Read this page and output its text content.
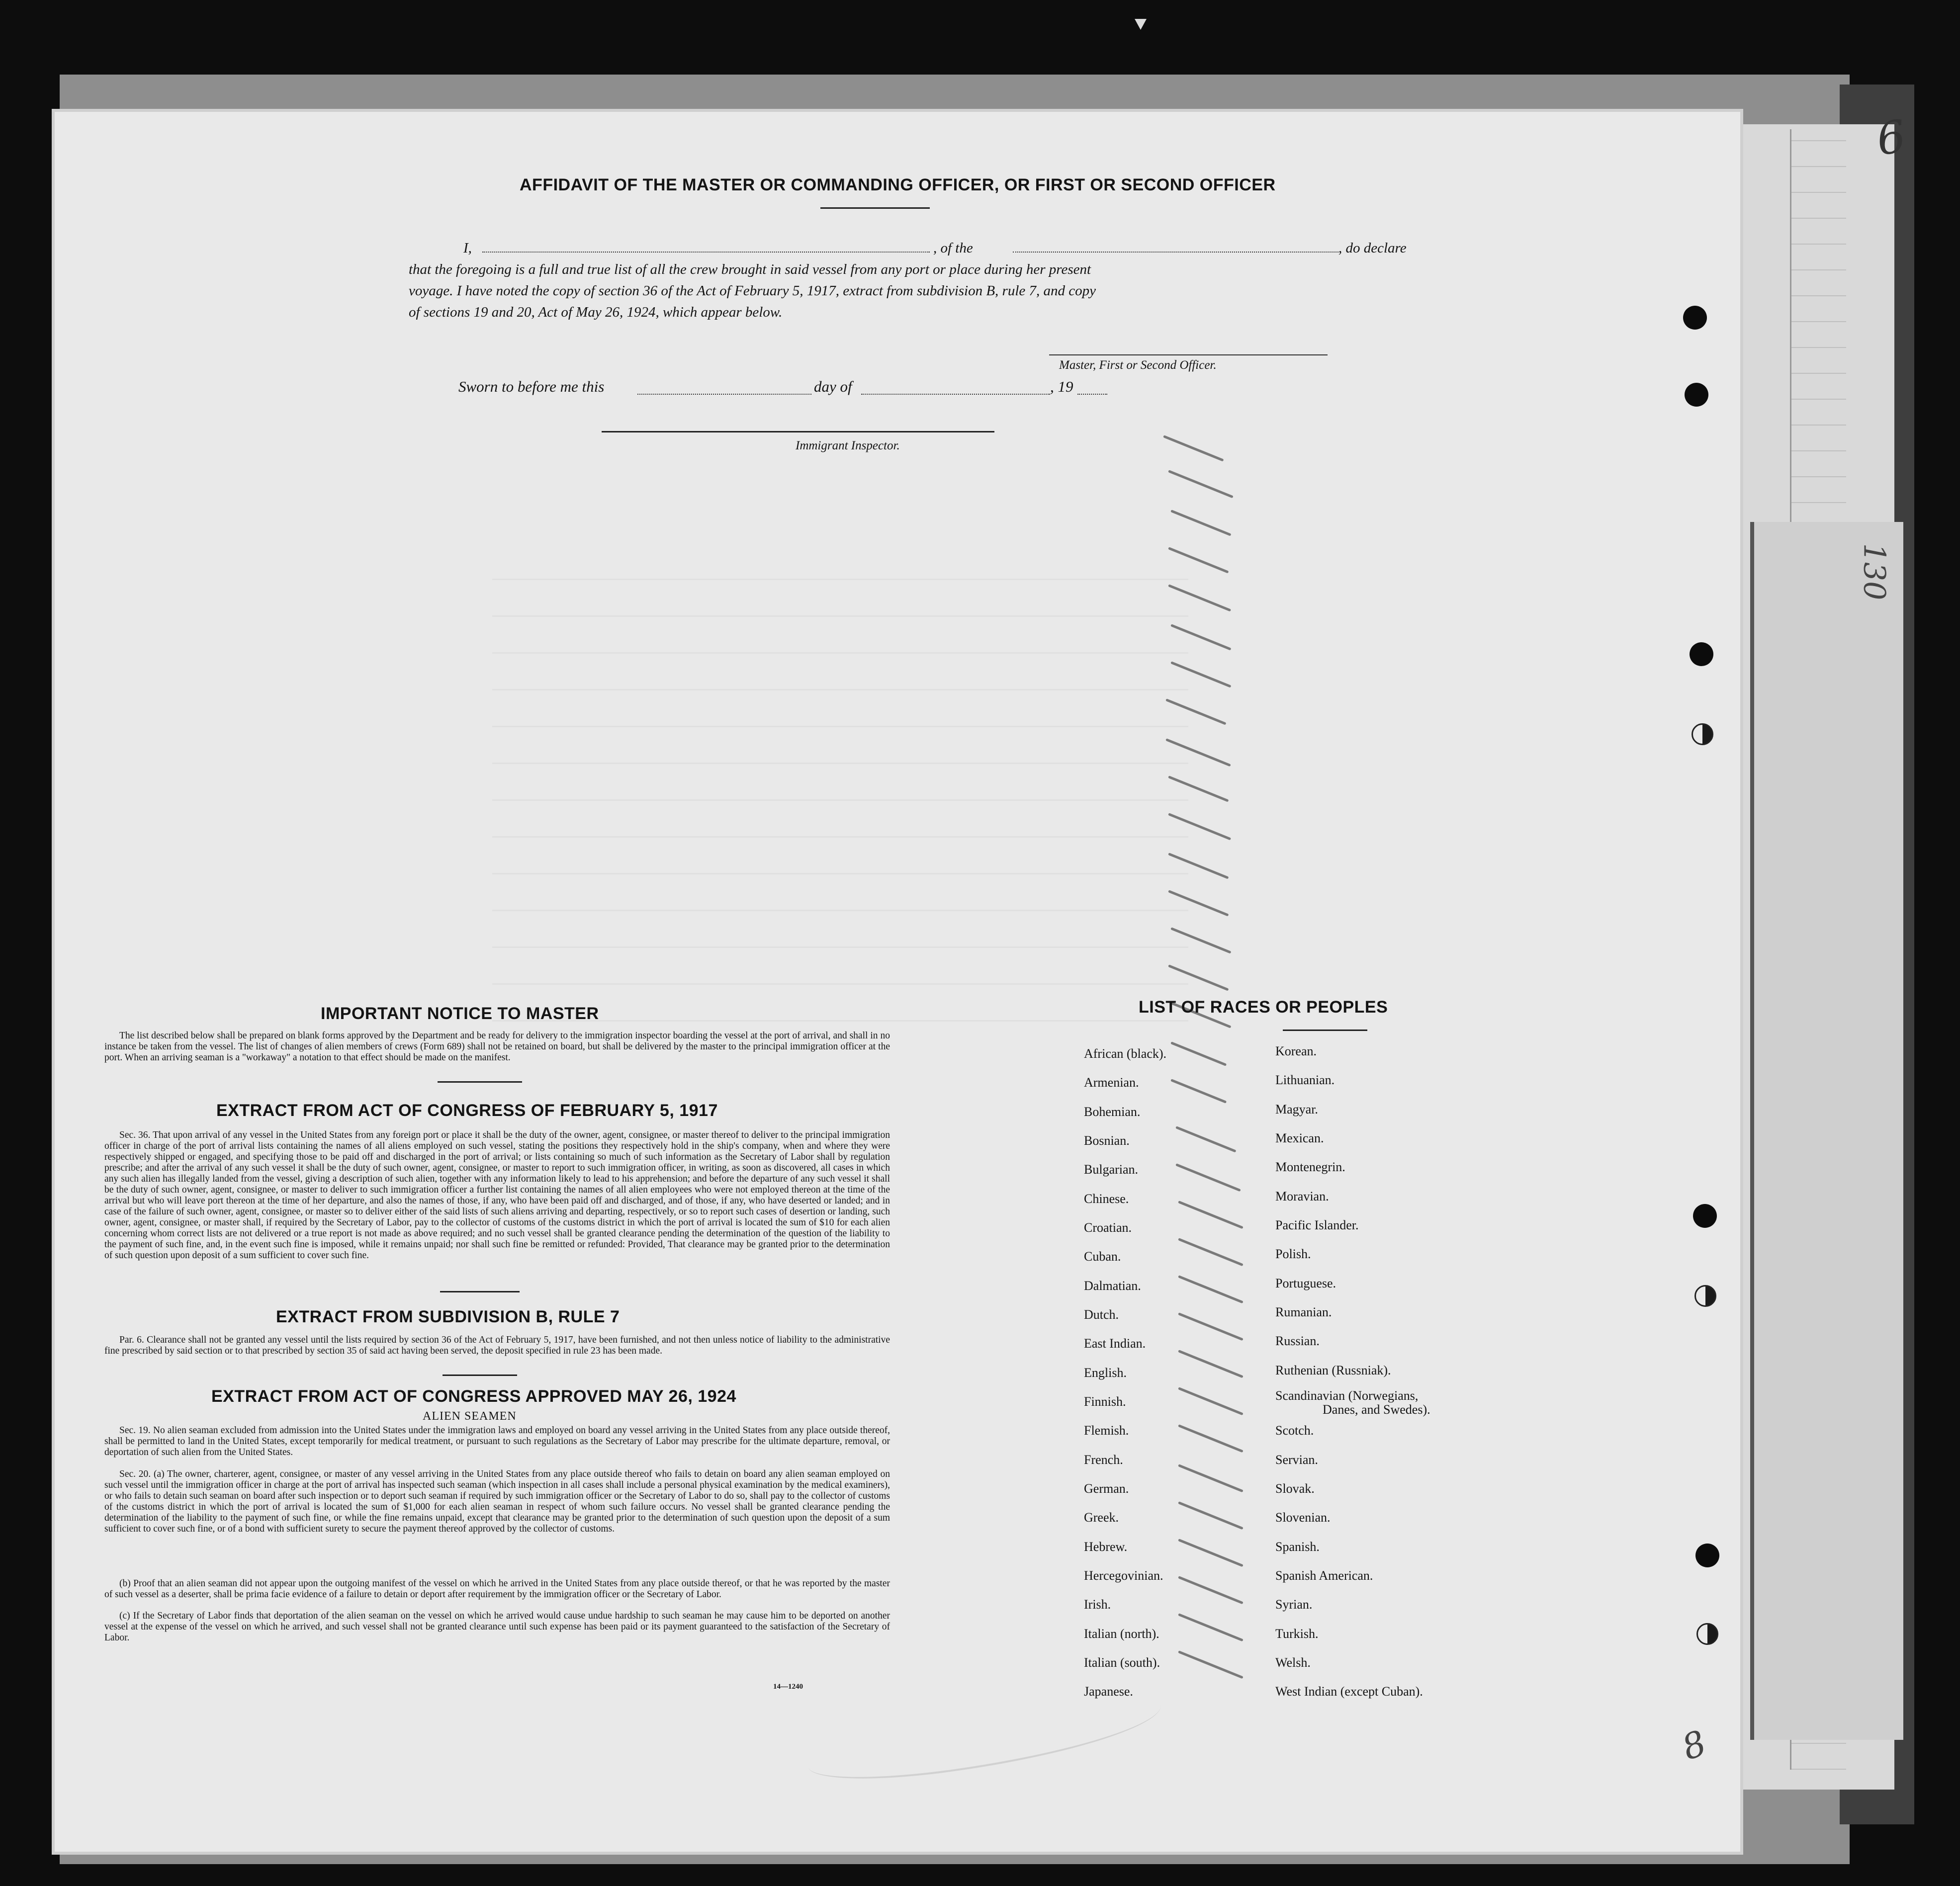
6
130
AFFIDAVIT OF THE MASTER OR COMMANDING OFFICER, OR FIRST OR SECOND OFFICER
I,	, of the	, do declare
that the foregoing is a full and true list of all the crew brought in said vessel from any port or place during her present
voyage. I have noted the copy of section 36 of the Act of February 5, 1917, extract from subdivision B, rule 7, and copy
of sections 19 and 20, Act of May 26, 1924, which appear below.
Master, First or Second Officer.
Sworn to before me this	day of	, 19
Immigrant Inspector.
IMPORTANT NOTICE TO MASTER
The list described below shall be prepared on blank forms approved by the Department and be ready for delivery to the immigration inspector boarding the vessel at the port of arrival, and shall in no instance be taken from the vessel. The list of changes of alien members of crews (Form 689) shall not be retained on board, but shall be delivered by the master to the principal immigration officer at the port. When an arriving seaman is a "workaway" a notation to that effect should be made on the manifest.
EXTRACT FROM ACT OF CONGRESS OF FEBRUARY 5, 1917
Sec. 36. That upon arrival of any vessel in the United States from any foreign port or place it shall be the duty of the owner, agent, consignee, or master thereof to deliver to the principal immigration officer in charge of the port of arrival lists containing the names of all aliens employed on such vessel, stating the positions they respectively hold in the ship's company, when and where they were respectively shipped or engaged, and specifying those to be paid off and discharged in the port of arrival; or lists containing so much of such information as the Secretary of Labor shall by regulation prescribe; and after the arrival of any such vessel it shall be the duty of such owner, agent, consignee, or master to report to such immigration officer, in writing, as soon as discovered, all cases in which any such alien has illegally landed from the vessel, giving a description of such alien, together with any information likely to lead to his apprehension; and before the departure of any such vessel it shall be the duty of such owner, agent, consignee, or master to deliver to such immigration officer a further list containing the names of all alien employees who were not employed thereon at the time of the arrival but who will leave port thereon at the time of her departure, and also the names of those, if any, who have been paid off and discharged, and of those, if any, who have deserted or landed; and in case of the failure of such owner, agent, consignee, or master so to deliver either of the said lists of such aliens arriving and departing, respectively, or so to report such cases of desertion or landing, such owner, agent, consignee, or master shall, if required by the Secretary of Labor, pay to the collector of customs of the customs district in which the port of arrival is located the sum of $10 for each alien concerning whom correct lists are not delivered or a true report is not made as above required; and no such vessel shall be granted clearance pending the determination of the question of the liability to the payment of such fine, and, in the event such fine is imposed, while it remains unpaid; nor shall such fine be remitted or refunded: Provided, That clearance may be granted prior to the determination of such question upon deposit of a sum sufficient to cover such fine.
EXTRACT FROM SUBDIVISION B, RULE 7
Par. 6. Clearance shall not be granted any vessel until the lists required by section 36 of the Act of February 5, 1917, have been furnished, and not then unless notice of liability to the administrative fine prescribed by said section or to that prescribed by section 35 of said act having been served, the deposit specified in rule 23 has been made.
EXTRACT FROM ACT OF CONGRESS APPROVED MAY 26, 1924
ALIEN SEAMEN
Sec. 19. No alien seaman excluded from admission into the United States under the immigration laws and employed on board any vessel arriving in the United States from any place outside thereof, shall be permitted to land in the United States, except temporarily for medical treatment, or pursuant to such regulations as the Secretary of Labor may prescribe for the ultimate departure, removal, or deportation of such alien from the United States.
Sec. 20. (a) The owner, charterer, agent, consignee, or master of any vessel arriving in the United States from any place outside thereof who fails to detain on board any alien seaman employed on such vessel until the immigration officer in charge at the port of arrival has inspected such seaman (which inspection in all cases shall include a personal physical examination by the medical examiners), or who fails to detain such seaman on board after such inspection or to deport such seaman if required by such immigration officer or the Secretary of Labor to do so, shall pay to the collector of customs of the customs district in which the port of arrival is located the sum of $1,000 for each alien seaman in respect of whom such failure occurs. No vessel shall be granted clearance pending the determination of the liability to the payment of such fine, or while the fine remains unpaid, except that clearance may be granted prior to the determination of such question upon the deposit of a sum sufficient to cover such fine, or of a bond with sufficient surety to secure the payment thereof approved by the collector of customs.
(b) Proof that an alien seaman did not appear upon the outgoing manifest of the vessel on which he arrived in the United States from any place outside thereof, or that he was reported by the master of such vessel as a deserter, shall be prima facie evidence of a failure to detain or deport after requirement by the immigration officer or the Secretary of Labor.
(c) If the Secretary of Labor finds that deportation of the alien seaman on the vessel on which he arrived would cause undue hardship to such seaman he may cause him to be deported on another vessel at the expense of the vessel on which he arrived, and such vessel shall not be granted clearance until such expense has been paid or its payment guaranteed to the satisfaction of the Secretary of Labor.
14—1240
LIST OF RACES OR PEOPLES
African (black).
Armenian.
Bohemian.
Bosnian.
Bulgarian.
Chinese.
Croatian.
Cuban.
Dalmatian.
Dutch.
East Indian.
English.
Finnish.
Flemish.
French.
German.
Greek.
Hebrew.
Hercegovinian.
Irish.
Italian (north).
Italian (south).
Japanese.
Korean.
Lithuanian.
Magyar.
Mexican.
Montenegrin.
Moravian.
Pacific Islander.
Polish.
Portuguese.
Rumanian.
Russian.
Ruthenian (Russniak).
Scandinavian (Norwegians,
Danes, and Swedes).
Scotch.
Servian.
Slovak.
Slovenian.
Spanish.
Spanish American.
Syrian.
Turkish.
Welsh.
West Indian (except Cuban).
8
